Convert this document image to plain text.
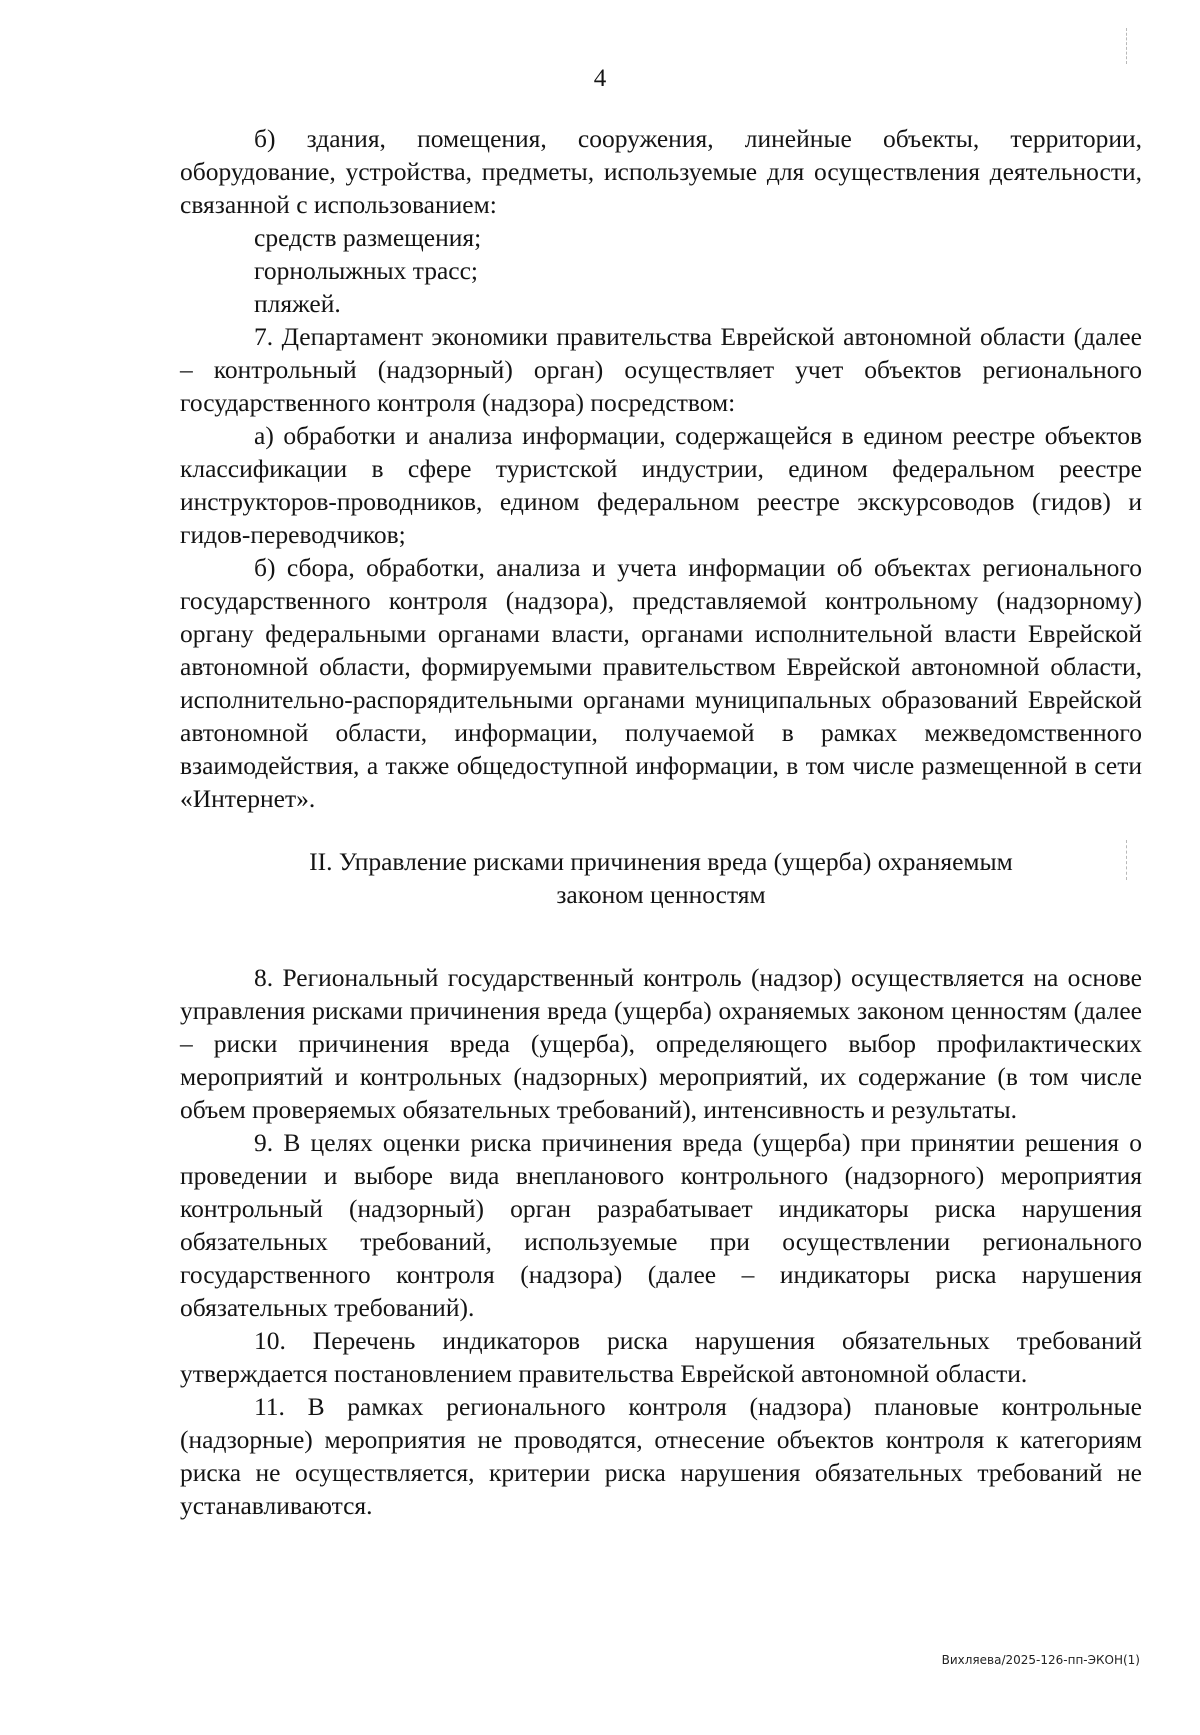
4

б) здания, помещения, сооружения, линейные объекты, территории, оборудование, устройства, предметы, используемые для осуществления деятельности, связанной с использованием:

средств размещения;

горнолыжных трасс;

пляжей.

7. Департамент экономики правительства Еврейской автономной области (далее – контрольный (надзорный) орган) осуществляет учет объектов регионального государственного контроля (надзора) посредством:

а) обработки и анализа информации, содержащейся в едином реестре объектов классификации в сфере туристской индустрии, едином федеральном реестре инструкторов-проводников, едином федеральном реестре экскурсоводов (гидов) и гидов-переводчиков;

б) сбора, обработки, анализа и учета информации об объектах регионального государственного контроля (надзора), представляемой контрольному (надзорному) органу федеральными органами власти, органами исполнительной власти Еврейской автономной области, формируемыми правительством Еврейской автономной области, исполнительно-распорядительными органами муниципальных образований Еврейской автономной области, информации, получаемой в рамках межведомственного взаимодействия, а также общедоступной информации, в том числе размещенной в сети «Интернет».

II. Управление рисками причинения вреда (ущерба) охраняемым
законом ценностям

8. Региональный государственный контроль (надзор) осуществляется на основе управления рисками причинения вреда (ущерба) охраняемых законом ценностям (далее – риски причинения вреда (ущерба), определяющего выбор профилактических мероприятий и контрольных (надзорных) мероприятий, их содержание (в том числе объем проверяемых обязательных требований), интенсивность и результаты.

9. В целях оценки риска причинения вреда (ущерба) при принятии решения о проведении и выборе вида внепланового контрольного (надзорного) мероприятия контрольный (надзорный) орган разрабатывает индикаторы риска нарушения обязательных требований, используемые при осуществлении регионального государственного контроля (надзора) (далее – индикаторы риска нарушения обязательных требований).

10. Перечень индикаторов риска нарушения обязательных требований утверждается постановлением правительства Еврейской автономной области.

11. В рамках регионального контроля (надзора) плановые контрольные (надзорные) мероприятия не проводятся, отнесение объектов контроля к категориям риска не осуществляется, критерии риска нарушения обязательных требований не устанавливаются.

Вихляева/2025-126-пп-ЭКОН(1)
